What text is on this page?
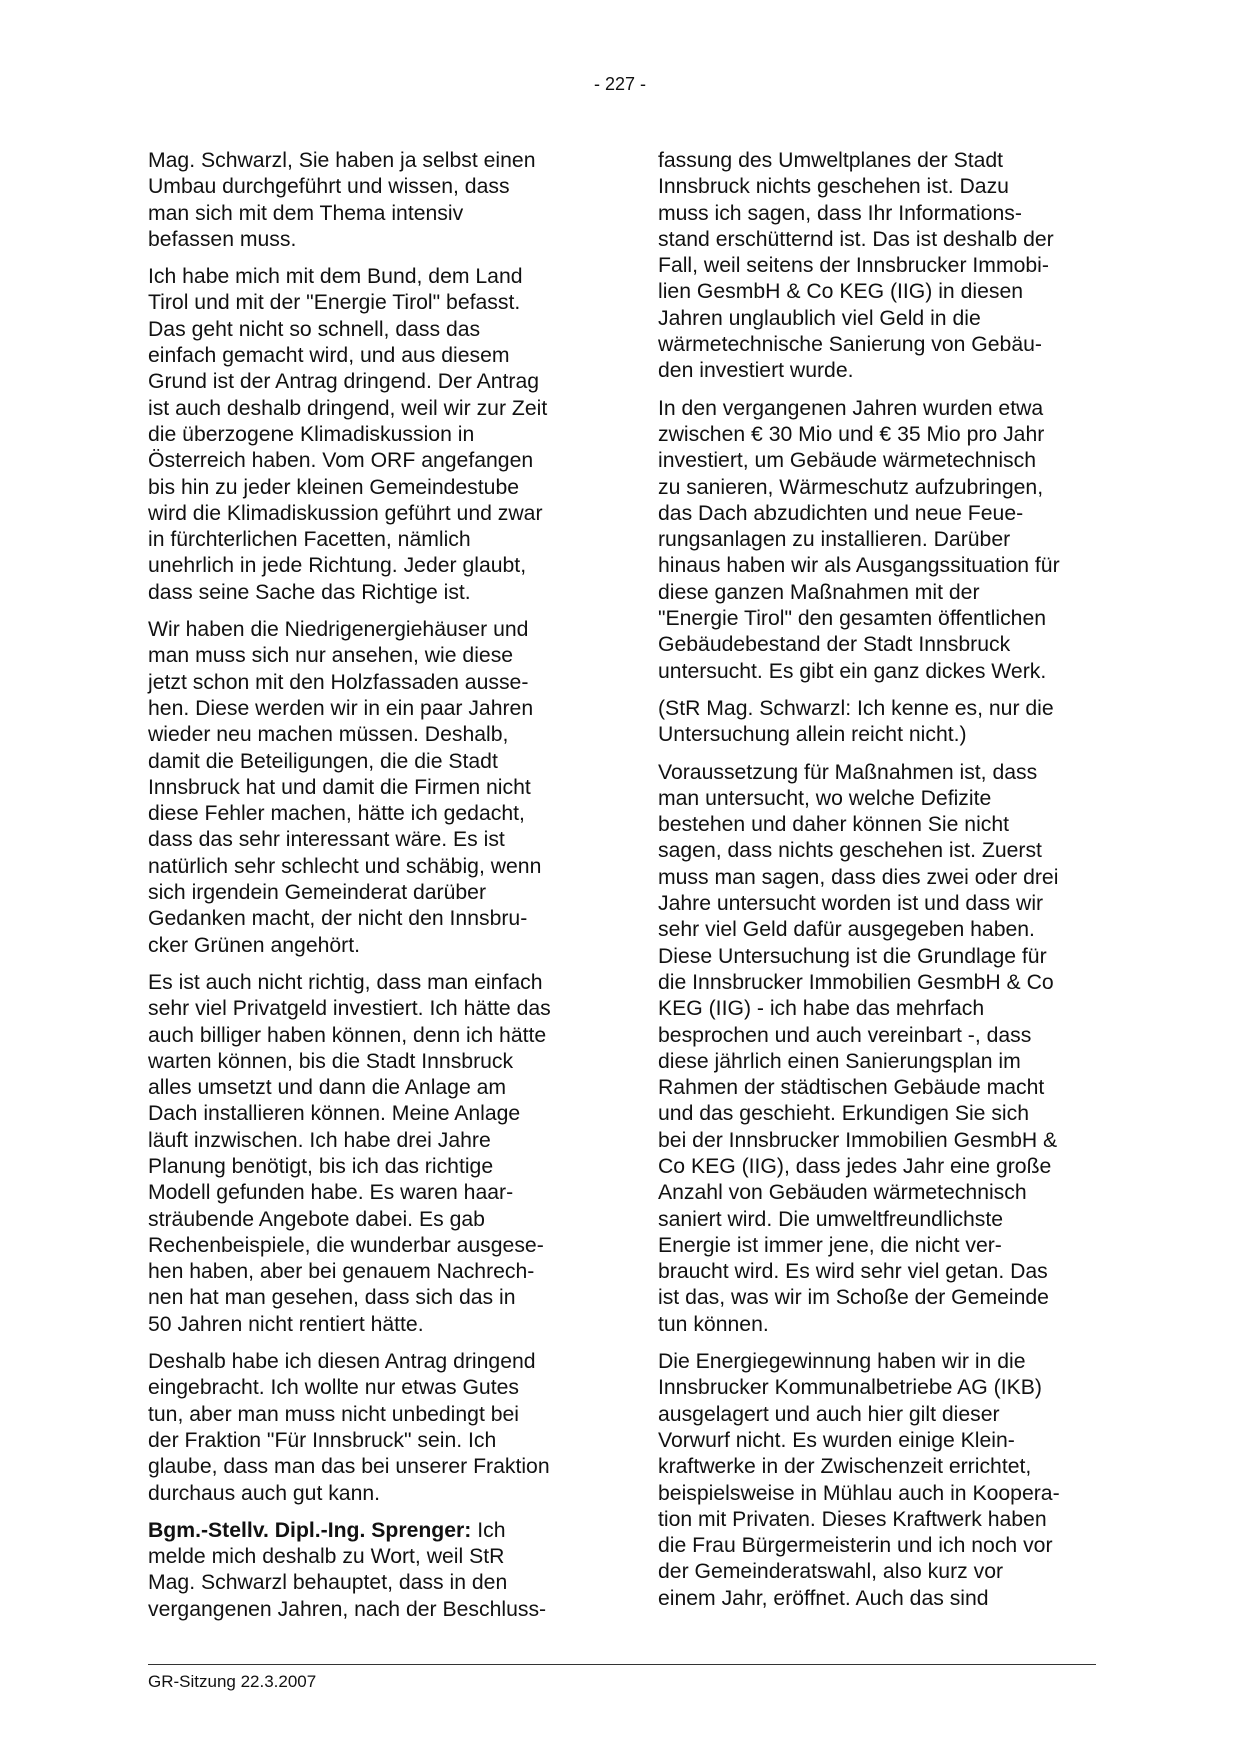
- 227 -

Mag. Schwarzl, Sie haben ja selbst einen
Umbau durchgeführt und wissen, dass
man sich mit dem Thema intensiv
befassen muss.

Ich habe mich mit dem Bund, dem Land
Tirol und mit der "Energie Tirol" befasst.
Das geht nicht so schnell, dass das
einfach gemacht wird, und aus diesem
Grund ist der Antrag dringend. Der Antrag
ist auch deshalb dringend, weil wir zur Zeit
die überzogene Klimadiskussion in
Österreich haben. Vom ORF angefangen
bis hin zu jeder kleinen Gemeindestube
wird die Klimadiskussion geführt und zwar
in fürchterlichen Facetten, nämlich
unehrlich in jede Richtung. Jeder glaubt,
dass seine Sache das Richtige ist.

Wir haben die Niedrigenergiehäuser und
man muss sich nur ansehen, wie diese
jetzt schon mit den Holzfassaden ausse-
hen. Diese werden wir in ein paar Jahren
wieder neu machen müssen. Deshalb,
damit die Beteiligungen, die die Stadt
Innsbruck hat und damit die Firmen nicht
diese Fehler machen, hätte ich gedacht,
dass das sehr interessant wäre. Es ist
natürlich sehr schlecht und schäbig, wenn
sich irgendein Gemeinderat darüber
Gedanken macht, der nicht den Innsbru-
cker Grünen angehört.

Es ist auch nicht richtig, dass man einfach
sehr viel Privatgeld investiert. Ich hätte das
auch billiger haben können, denn ich hätte
warten können, bis die Stadt Innsbruck
alles umsetzt und dann die Anlage am
Dach installieren können. Meine Anlage
läuft inzwischen. Ich habe drei Jahre
Planung benötigt, bis ich das richtige
Modell gefunden habe. Es waren haar-
sträubende Angebote dabei. Es gab
Rechenbeispiele, die wunderbar ausgese-
hen haben, aber bei genauem Nachrech-
nen hat man gesehen, dass sich das in
50 Jahren nicht rentiert hätte.

Deshalb habe ich diesen Antrag dringend
eingebracht. Ich wollte nur etwas Gutes
tun, aber man muss nicht unbedingt bei
der Fraktion "Für Innsbruck" sein. Ich
glaube, dass man das bei unserer Fraktion
durchaus auch gut kann.

Bgm.-Stellv. Dipl.-Ing. Sprenger: Ich
melde mich deshalb zu Wort, weil StR
Mag. Schwarzl behauptet, dass in den
vergangenen Jahren, nach der Beschluss-

fassung des Umweltplanes der Stadt
Innsbruck nichts geschehen ist. Dazu
muss ich sagen, dass Ihr Informations-
stand erschütternd ist. Das ist deshalb der
Fall, weil seitens der Innsbrucker Immobi-
lien GesmbH & Co KEG (IIG) in diesen
Jahren unglaublich viel Geld in die
wärmetechnische Sanierung von Gebäu-
den investiert wurde.

In den vergangenen Jahren wurden etwa
zwischen € 30 Mio und € 35 Mio pro Jahr
investiert, um Gebäude wärmetechnisch
zu sanieren, Wärmeschutz aufzubringen,
das Dach abzudichten und neue Feue-
rungsanlagen zu installieren. Darüber
hinaus haben wir als Ausgangssituation für
diese ganzen Maßnahmen mit der
"Energie Tirol" den gesamten öffentlichen
Gebäudebestand der Stadt Innsbruck
untersucht. Es gibt ein ganz dickes Werk.

(StR Mag. Schwarzl: Ich kenne es, nur die
Untersuchung allein reicht nicht.)

Voraussetzung für Maßnahmen ist, dass
man untersucht, wo welche Defizite
bestehen und daher können Sie nicht
sagen, dass nichts geschehen ist. Zuerst
muss man sagen, dass dies zwei oder drei
Jahre untersucht worden ist und dass wir
sehr viel Geld dafür ausgegeben haben.
Diese Untersuchung ist die Grundlage für
die Innsbrucker Immobilien GesmbH & Co
KEG (IIG) - ich habe das mehrfach
besprochen und auch vereinbart -, dass
diese jährlich einen Sanierungsplan im
Rahmen der städtischen Gebäude macht
und das geschieht. Erkundigen Sie sich
bei der Innsbrucker Immobilien GesmbH &
Co KEG (IIG), dass jedes Jahr eine große
Anzahl von Gebäuden wärmetechnisch
saniert wird. Die umweltfreundlichste
Energie ist immer jene, die nicht ver-
braucht wird. Es wird sehr viel getan. Das
ist das, was wir im Schoße der Gemeinde
tun können.

Die Energiegewinnung haben wir in die
Innsbrucker Kommunalbetriebe AG (IKB)
ausgelagert und auch hier gilt dieser
Vorwurf nicht. Es wurden einige Klein-
kraftwerke in der Zwischenzeit errichtet,
beispielsweise in Mühlau auch in Koopera-
tion mit Privaten. Dieses Kraftwerk haben
die Frau Bürgermeisterin und ich noch vor
der Gemeinderatswahl, also kurz vor
einem Jahr, eröffnet. Auch das sind

GR-Sitzung 22.3.2007
